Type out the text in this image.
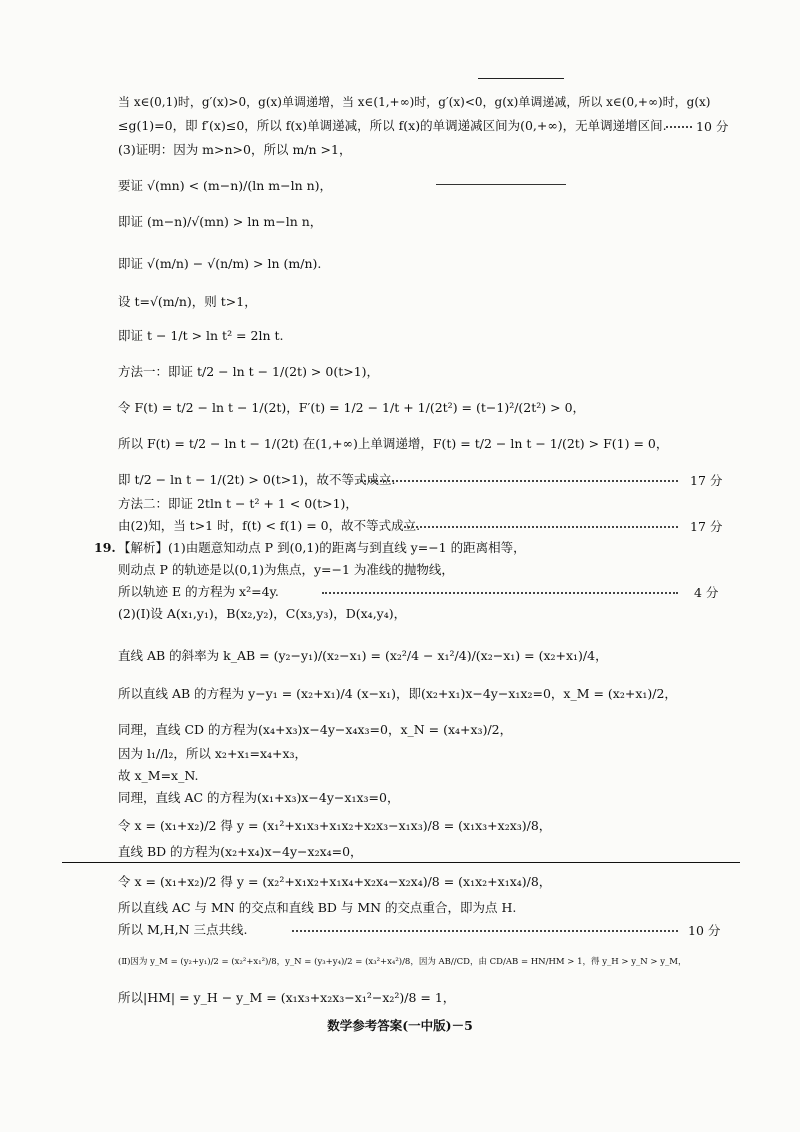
当 x∈(0,1)时，g′(x)>0，g(x)单调递增，当 x∈(1,+∞)时，g′(x)<0，g(x)单调递减，所以 x∈(0,+∞)时，g(x)
≤g(1)=0，即 f′(x)≤0，所以 f(x)单调递减，所以 f(x)的单调递减区间为(0,+∞)，无单调递增区间.
(3)证明：因为 m>n>0，所以 m/n >1，
要证 √(mn) < (m−n)/(ln m−ln n)，
即证 (m−n)/√(mn) > ln m−ln n，
即证 √(m/n) − √(n/m) > ln (m/n).
设 t=√(m/n)，则 t>1，
即证 t − 1/t > ln t² = 2ln t.
方法一：即证 t/2 − ln t − 1/(2t) > 0(t>1)，
令 F(t) = t/2 − ln t − 1/(2t)，F′(t) = 1/2 − 1/t + 1/(2t²) = (t−1)²/(2t²) > 0，
所以 F(t) = t/2 − ln t − 1/(2t) 在(1,+∞)上单调递增，F(t) = t/2 − ln t − 1/(2t) > F(1) = 0，
即 t/2 − ln t − 1/(2t) > 0(t>1)，故不等式成立.
方法二：即证 2tln t − t² + 1 < 0(t>1)，
由(2)知，当 t>1 时，f(t) < f(1) = 0，故不等式成立.
【解析】(1)由题意知动点 P 到(0,1)的距离与到直线 y=−1 的距离相等，
则动点 P 的轨迹是以(0,1)为焦点，y=−1 为准线的抛物线，
所以轨迹 E 的方程为 x²=4y.
(2)(Ⅰ)设 A(x₁,y₁)，B(x₂,y₂)，C(x₃,y₃)，D(x₄,y₄)，
直线 AB 的斜率为 k_AB = (y₂−y₁)/(x₂−x₁) = (x₂²/4 − x₁²/4)/(x₂−x₁) = (x₂+x₁)/4，
所以直线 AB 的方程为 y−y₁ = (x₂+x₁)/4 (x−x₁)，即(x₂+x₁)x−4y−x₁x₂=0，x_M = (x₂+x₁)/2，
同理，直线 CD 的方程为(x₄+x₃)x−4y−x₄x₃=0，x_N = (x₄+x₃)/2，
因为 l₁//l₂，所以 x₂+x₁=x₄+x₃，
故 x_M=x_N.
同理，直线 AC 的方程为(x₁+x₃)x−4y−x₁x₃=0，
令 x = (x₁+x₂)/2 得 y = (x₁²+x₁x₃+x₁x₂+x₂x₃−x₁x₃)/8 = (x₁x₃+x₂x₃)/8，
直线 BD 的方程为(x₂+x₄)x−4y−x₂x₄=0，
令 x = (x₁+x₂)/2 得 y = (x₂²+x₁x₂+x₁x₄+x₂x₄−x₂x₄)/8 = (x₁x₂+x₁x₄)/8，
所以直线 AC 与 MN 的交点和直线 BD 与 MN 的交点重合，即为点 H.
所以 M,H,N 三点共线.
(Ⅱ)因为 y_M = (y₂+y₁)/2 = (x₂²+x₁²)/8，y_N = (y₃+y₄)/2 = (x₃²+x₄²)/8，因为 AB//CD，由 CD/AB = HN/HM > 1，得 y_H > y_N > y_M，
所以|HM| = y_H − y_M = (x₁x₃+x₂x₃−x₁²−x₂²)/8 = 1，
19.
10 分
17 分
17 分
4 分
10 分
数学参考答案(一中版)－5
